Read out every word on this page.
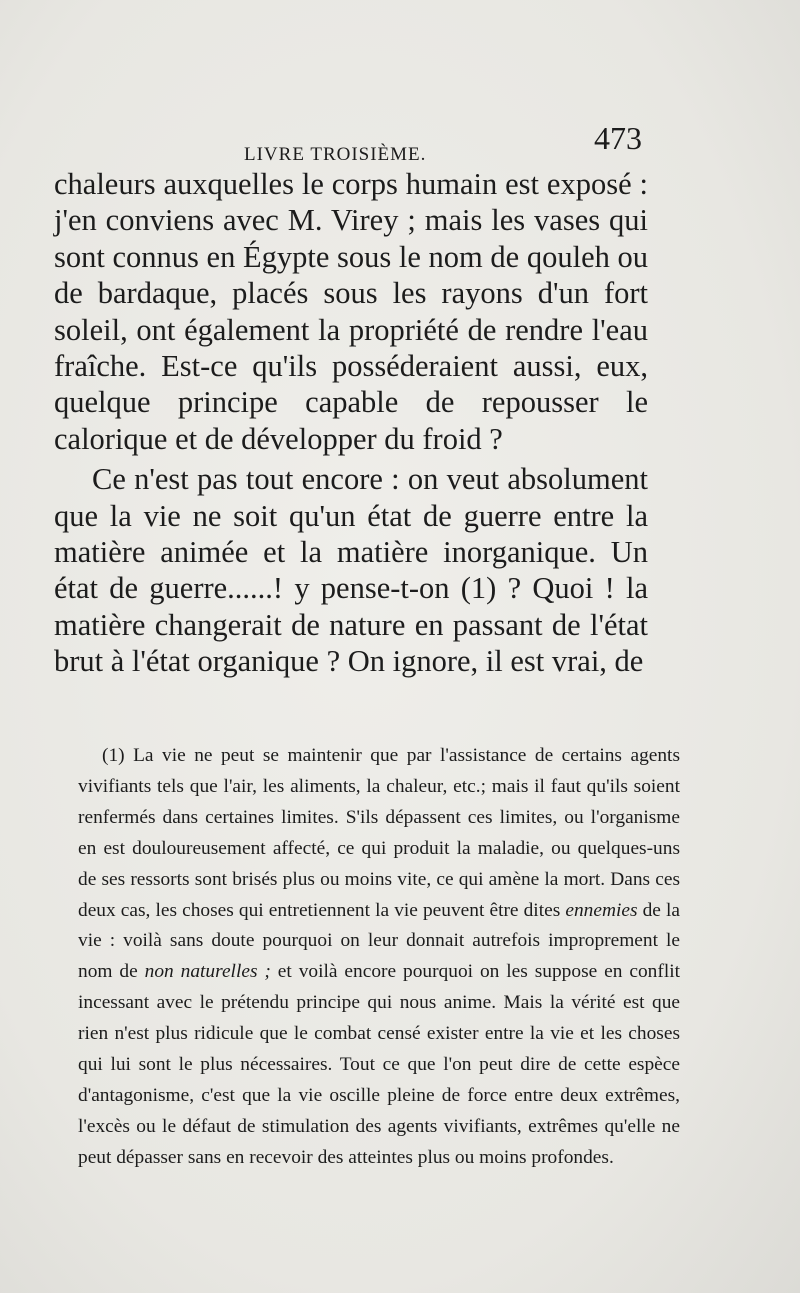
LIVRE TROISIÈME.	473

chaleurs auxquelles le corps humain est exposé : j'en conviens avec M. Virey ; mais les vases qui sont connus en Égypte sous le nom de qouleh ou de bardaque, placés sous les rayons d'un fort soleil, ont également la propriété de rendre l'eau fraîche. Est-ce qu'ils posséderaient aussi, eux, quelque principe capable de repousser le calorique et de développer du froid ?

Ce n'est pas tout encore : on veut absolument que la vie ne soit qu'un état de guerre entre la matière animée et la matière inorganique. Un état de guerre......! y pense-t-on (1) ? Quoi ! la matière changerait de nature en passant de l'état brut à l'état organique ? On ignore, il est vrai, de

(1) La vie ne peut se maintenir que par l'assistance de certains agents vivifiants tels que l'air, les aliments, la chaleur, etc.; mais il faut qu'ils soient renfermés dans certaines limites. S'ils dépassent ces limites, ou l'organisme en est douloureusement affecté, ce qui produit la maladie, ou quelques-uns de ses ressorts sont brisés plus ou moins vite, ce qui amène la mort. Dans ces deux cas, les choses qui entretiennent la vie peuvent être dites ennemies de la vie : voilà sans doute pourquoi on leur donnait autrefois improprement le nom de non naturelles ; et voilà encore pourquoi on les suppose en conflit incessant avec le prétendu principe qui nous anime. Mais la vérité est que rien n'est plus ridicule que le combat censé exister entre la vie et les choses qui lui sont le plus nécessaires. Tout ce que l'on peut dire de cette espèce d'antagonisme, c'est que la vie oscille pleine de force entre deux extrêmes, l'excès ou le défaut de stimulation des agents vivifiants, extrêmes qu'elle ne peut dépasser sans en recevoir des atteintes plus ou moins profondes.
